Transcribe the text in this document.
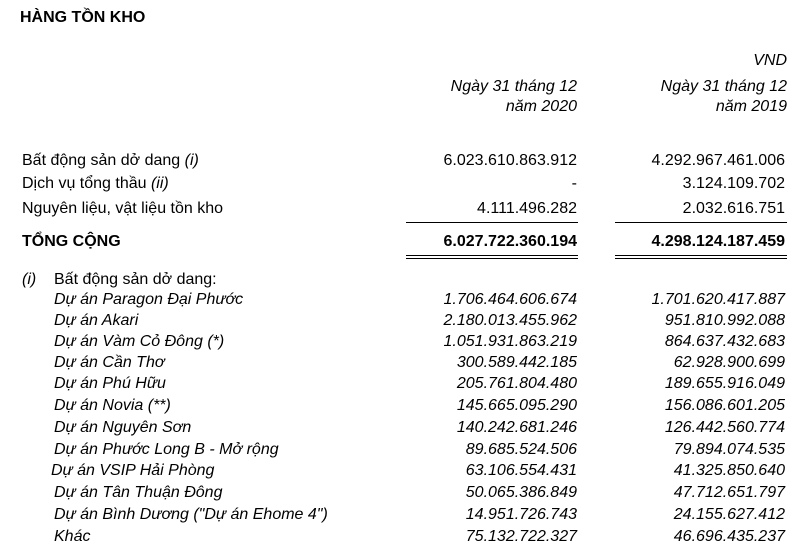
HÀNG TỒN KHO
VND
Ngày 31 tháng 12
năm 2020
Ngày 31 tháng 12
năm 2019
Bất động sản dở dang (i)	6.023.610.863.912	4.292.967.461.006
Dịch vụ tổng thầu (ii)	-	3.124.109.702
Nguyên liệu, vật liệu tồn kho	4.111.496.282	2.032.616.751
TỔNG CỘNG	6.027.722.360.194	4.298.124.187.459
(i) Bất động sản dở dang:
Dự án Paragon Đại Phước	1.706.464.606.674	1.701.620.417.887
Dự án Akari	2.180.013.455.962	951.810.992.088
Dự án Vàm Cỏ Đông (*)	1.051.931.863.219	864.637.432.683
Dự án Cần Thơ	300.589.442.185	62.928.900.699
Dự án Phú Hữu	205.761.804.480	189.655.916.049
Dự án Novia (**)	145.665.095.290	156.086.601.205
Dự án Nguyên Sơn	140.242.681.246	126.442.560.774
Dự án Phước Long B - Mở rộng	89.685.524.506	79.894.074.535
Dự án VSIP Hải Phòng	63.106.554.431	41.325.850.640
Dự án Tân Thuận Đông	50.065.386.849	47.712.651.797
Dự án Bình Dương ("Dự án Ehome 4")	14.951.726.743	24.155.627.412
Khác	75.132.722.327	46.696.435.237
